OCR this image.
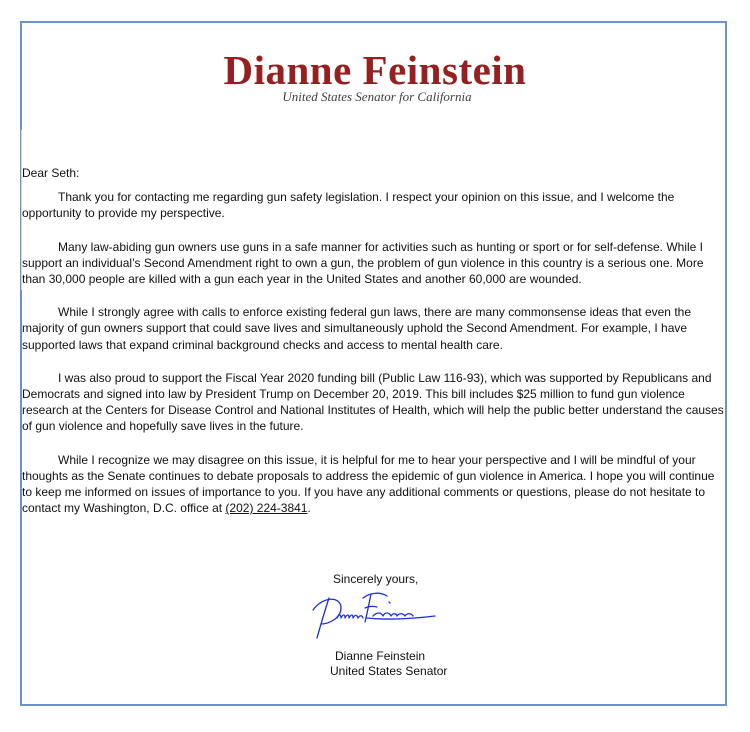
Dianne Feinstein
United States Senator for California

Dear Seth:

Thank you for contacting me regarding gun safety legislation. I respect your opinion on this issue, and I welcome the opportunity to provide my perspective.

Many law-abiding gun owners use guns in a safe manner for activities such as hunting or sport or for self-defense. While I support an individual’s Second Amendment right to own a gun, the problem of gun violence in this country is a serious one. More than 30,000 people are killed with a gun each year in the United States and another 60,000 are wounded.

While I strongly agree with calls to enforce existing federal gun laws, there are many commonsense ideas that even the majority of gun owners support that could save lives and simultaneously uphold the Second Amendment. For example, I have supported laws that expand criminal background checks and access to mental health care.

I was also proud to support the Fiscal Year 2020 funding bill (Public Law 116-93), which was supported by Republicans and Democrats and signed into law by President Trump on December 20, 2019. This bill includes $25 million to fund gun violence research at the Centers for Disease Control and National Institutes of Health, which will help the public better understand the causes of gun violence and hopefully save lives in the future.

While I recognize we may disagree on this issue, it is helpful for me to hear your perspective and I will be mindful of your thoughts as the Senate continues to debate proposals to address the epidemic of gun violence in America. I hope you will continue to keep me informed on issues of importance to you. If you have any additional comments or questions, please do not hesitate to contact my Washington, D.C. office at (202) 224-3841.

Sincerely yours,
Dianne Feinstein
United States Senator
